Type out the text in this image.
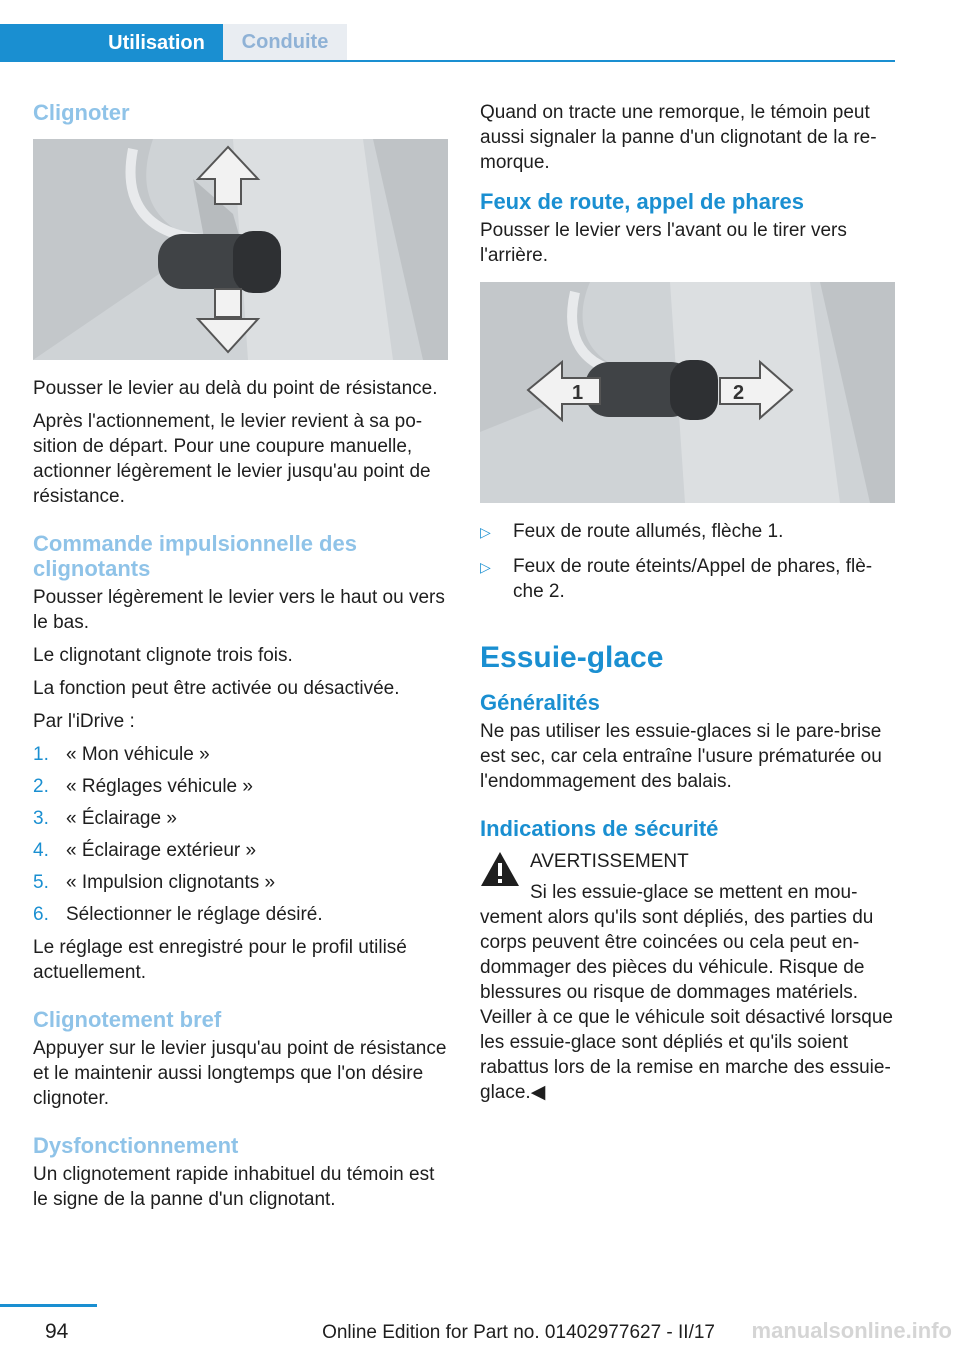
Utilisation	Conduite
Clignoter

Pousser le levier au delà du point de résistance.

Après l'actionnement, le levier revient à sa position de départ. Pour une coupure manuelle, actionner légèrement le levier jusqu'au point de résistance.

Commande impulsionnelle des clignotants

Pousser légèrement le levier vers le haut ou vers le bas.

Le clignotant clignote trois fois.

La fonction peut être activée ou désactivée.

Par l'iDrive :

1. « Mon véhicule »
2. « Réglages véhicule »
3. « Éclairage »
4. « Éclairage extérieur »
5. « Impulsion clignotants »
6. Sélectionner le réglage désiré.

Le réglage est enregistré pour le profil utilisé actuellement.

Clignotement bref

Appuyer sur le levier jusqu'au point de résistance et le maintenir aussi longtemps que l'on désire clignoter.

Dysfonctionnement

Un clignotement rapide inhabituel du témoin est le signe de la panne d'un clignotant.

Quand on tracte une remorque, le témoin peut aussi signaler la panne d'un clignotant de la remorque.

Feux de route, appel de phares

Pousser le levier vers l'avant ou le tirer vers l'arrière.

1	2
▷	Feux de route allumés, flèche 1.
▷	Feux de route éteints/Appel de phares, flèche 2.
Essuie-glace
Généralités

Ne pas utiliser les essuie-glaces si le pare-brise est sec, car cela entraîne l'usure prématurée ou l'endommagement des balais.

Indications de sécurité

AVERTISSEMENT

Si les essuie-glace se mettent en mouvement alors qu'ils sont dépliés, des parties du corps peuvent être coincées ou cela peut endommager des pièces du véhicule. Risque de blessures ou risque de dommages matériels. Veiller à ce que le véhicule soit désactivé lorsque les essuie-glace sont dépliés et qu'ils soient rabattus lors de la remise en marche des essuie-glace.◀

94	Online Edition for Part no. 01402977627 - II/17 manualsonline.info
